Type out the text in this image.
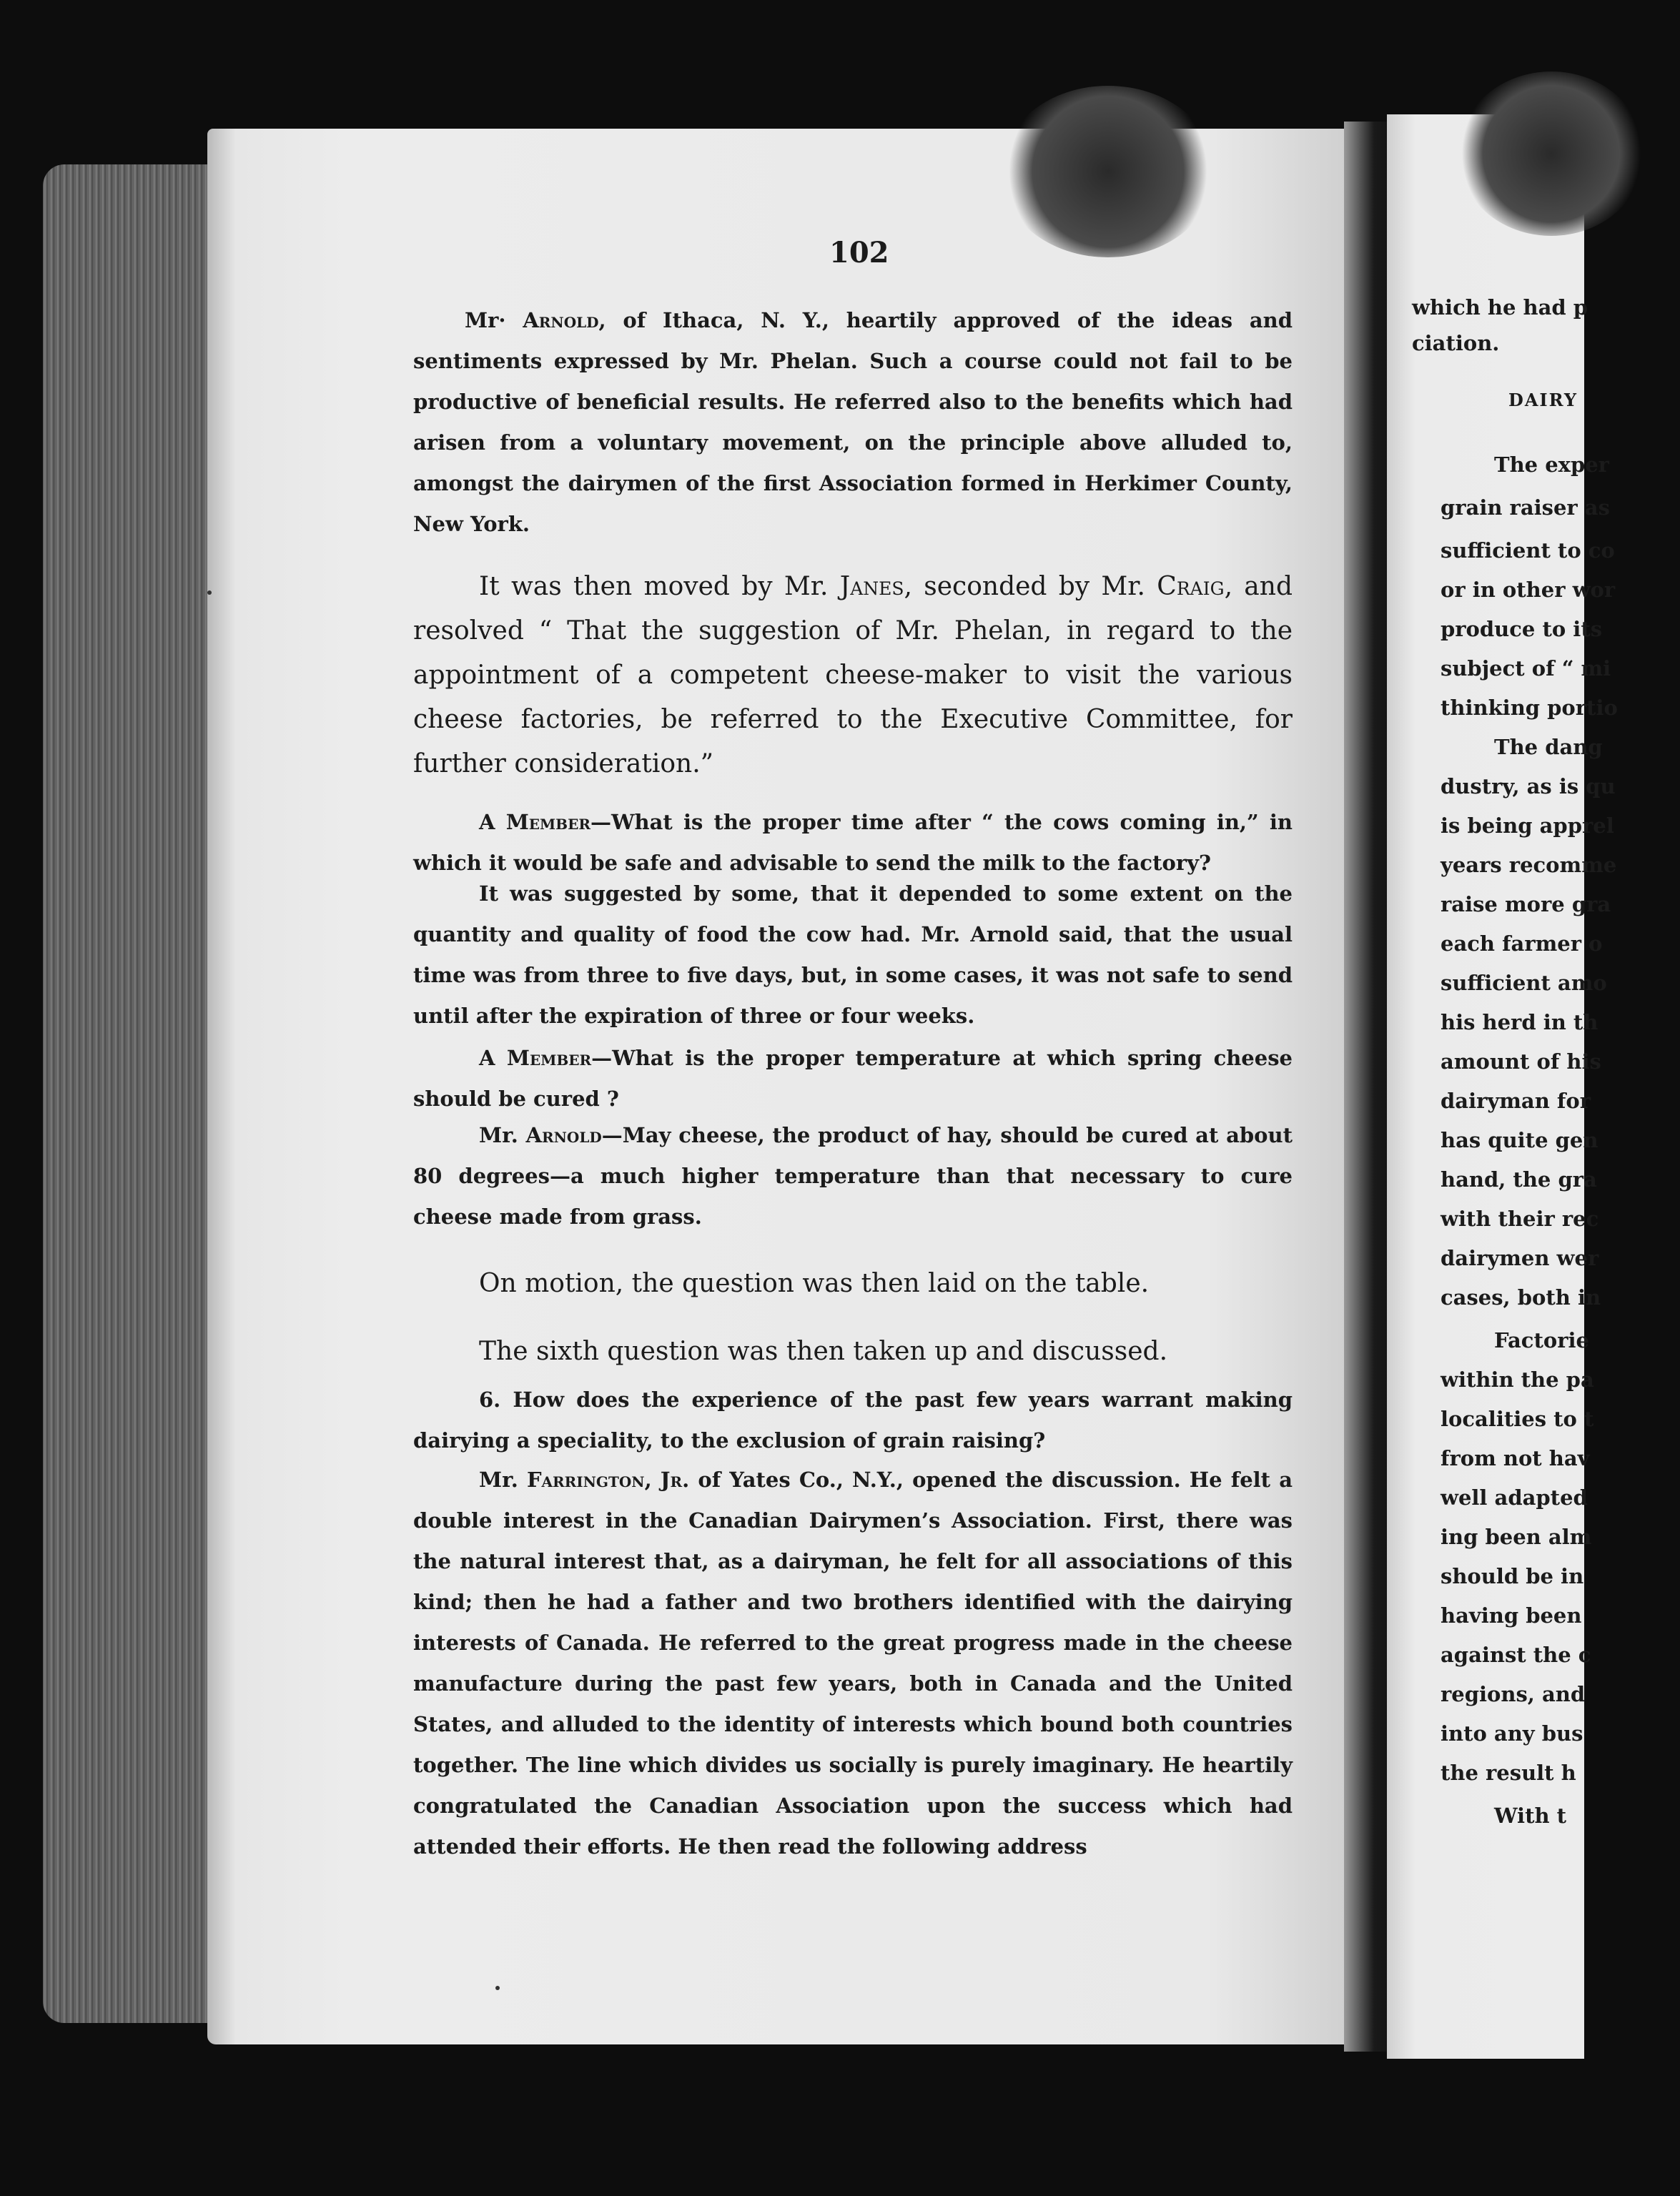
102
Mr· Arnold, of Ithaca, N. Y., heartily approved of the ideas and sentiments expressed by Mr. Phelan. Such a course could not fail to be productive of beneficial results. He referred also to the benefits which had arisen from a voluntary movement, on the principle above alluded to, amongst the dairymen of the first Association formed in Herkimer County, New York.
It was then moved by Mr. Janes, seconded by Mr. Craig, and resolved “ That the suggestion of Mr. Phelan, in regard to the appointment of a competent cheese-maker to visit the various cheese factories, be referred to the Executive Committee, for further consideration.”
A Member—What is the proper time after “ the cows coming in,” in which it would be safe and advisable to send the milk to the factory?
It was suggested by some, that it depended to some extent on the quantity and quality of food the cow had. Mr. Arnold said, that the usual time was from three to five days, but, in some cases, it was not safe to send until after the expiration of three or four weeks.
A Member—What is the proper temperature at which spring cheese should be cured ?
Mr. Arnold—May cheese, the product of hay, should be cured at about 80 degrees—a much higher temperature than that necessary to cure cheese made from grass.
On motion, the question was then laid on the table.
The sixth question was then taken up and discussed.
6. How does the experience of the past few years warrant making dairying a speciality, to the exclusion of grain raising?
Mr. Farrington, Jr. of Yates Co., N.Y., opened the discussion. He felt a double interest in the Canadian Dairymen’s Association. First, there was the natural interest that, as a dairyman, he felt for all associations of this kind; then he had a father and two brothers identified with the dairying interests of Canada. He referred to the great progress made in the cheese manufacture during the past few years, both in Canada and the United States, and alluded to the identity of interests which bound both countries together. The line which divides us socially is purely imaginary. He heartily congratulated the Canadian Association upon the success which had attended their efforts. He then read the following address
which he had p
ciation.
DAIRY
The exper
grain raiser as
sufficient to co
or in other wor
produce to its
subject of “ mi
thinking portio
The dang
dustry, as is qu
is being apprel
years recomme
raise more gra
each farmer o
sufficient amo
his herd in th
amount of his
dairyman for
has quite gen
hand, the gra
with their rec
dairymen wer
cases, both in
Factorie
within the pa
localities to t
from not hav
well adapted
ing been alm
should be in
having been
against the c
regions, and
into any bus
the result h
With t
